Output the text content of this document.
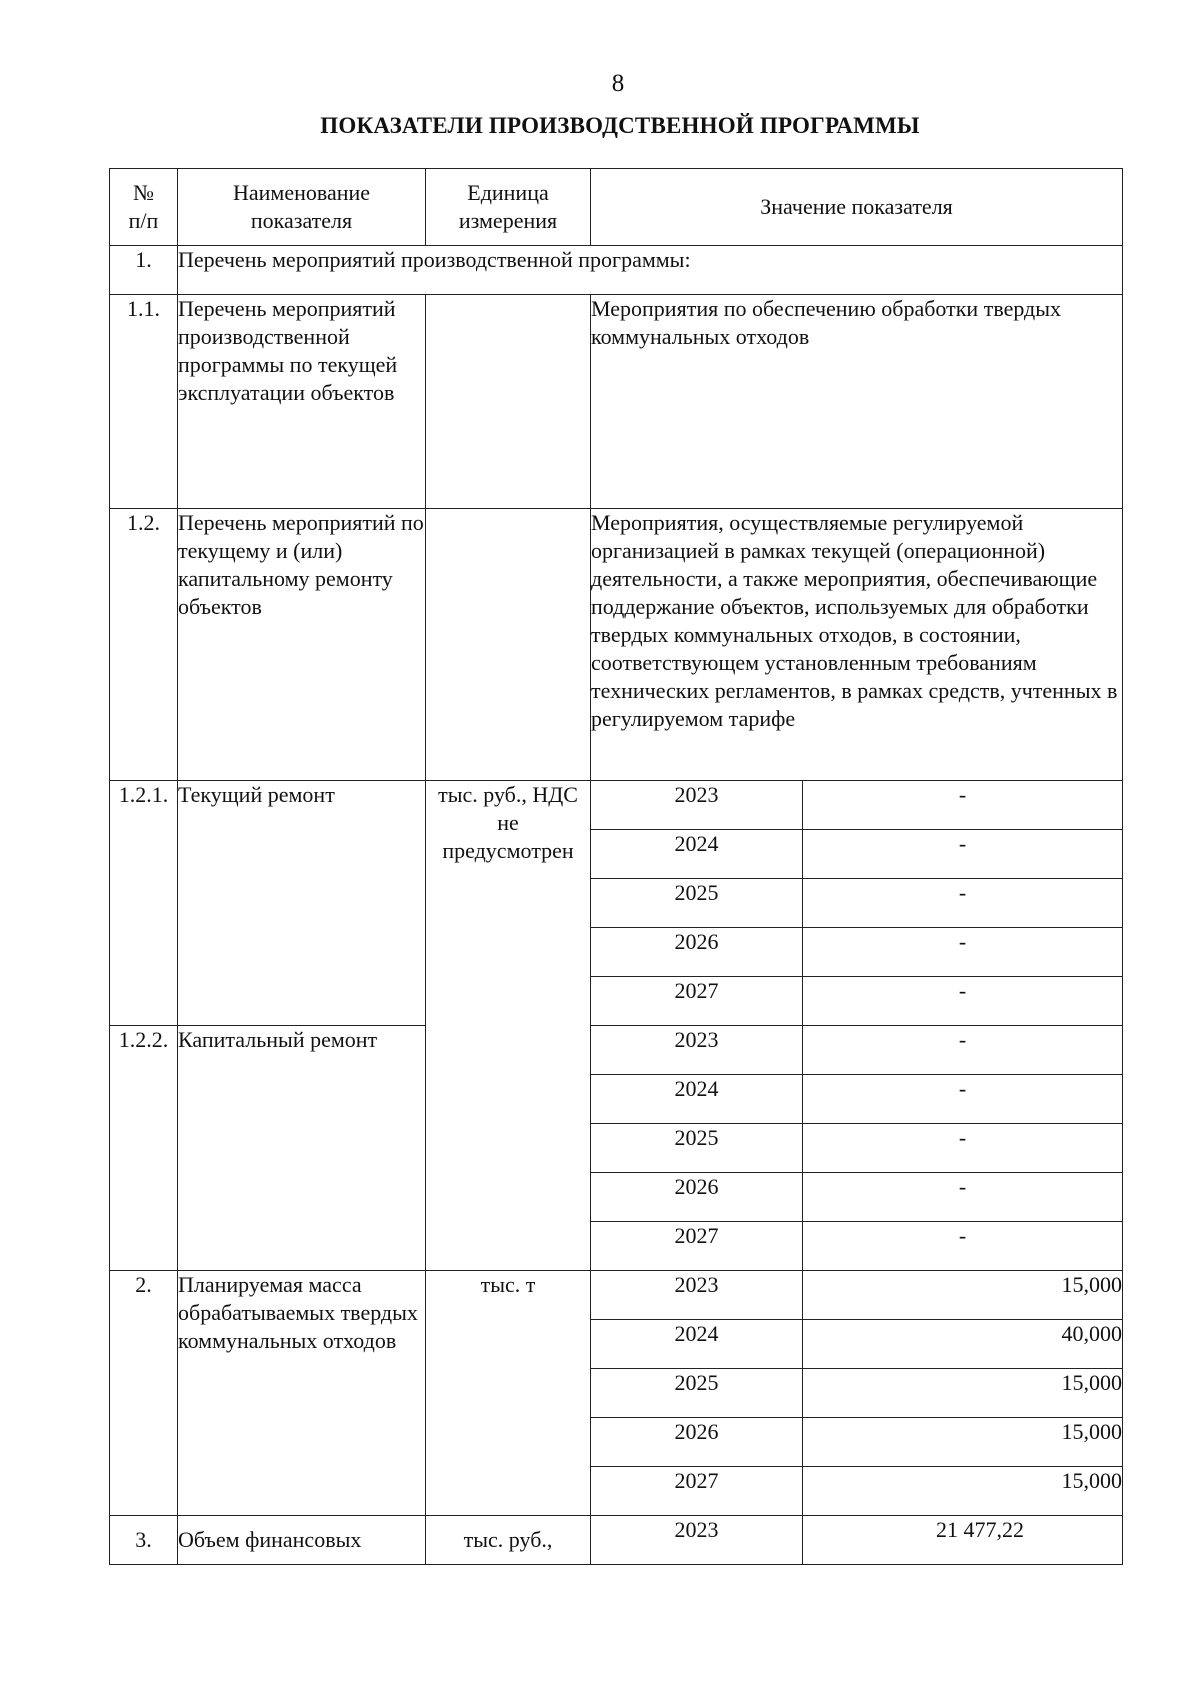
8
ПОКАЗАТЕЛИ ПРОИЗВОДСТВЕННОЙ ПРОГРАММЫ
№ п/п	Наименование показателя	Единица измерения	Значение показателя	
1.	Перечень мероприятий производственной программы:			
1.1.	Перечень мероприятий производственной программы по текущей эксплуатации объектов		Мероприятия по обеспечению обработки твердых коммунальных отходов	
1.2.	Перечень мероприятий по текущему и (или) капитальному ремонту объектов		Мероприятия, осуществляемые регулируемой организацией в рамках текущей (операционной) деятельности, а также мероприятия, обеспечивающие поддержание объектов, используемых для обработки твердых коммунальных отходов, в состоянии, соответствующем установленным требованиям технических регламентов, в рамках средств, учтенных в регулируемом тарифе	
1.2.1.	Текущий ремонт	тыс. руб., НДС не предусмотрен	2023	-
			2024	-
			2025	-
			2026	-
			2027	-
1.2.2.	Капитальный ремонт		2023	-
			2024	-
			2025	-
			2026	-
			2027	-
2.	Планируемая масса обрабатываемых твердых коммунальных отходов	тыс. т	2023	15,000
			2024	40,000
			2025	15,000
			2026	15,000
			2027	15,000
3.	Объем финансовых	тыс. руб.,	2023	21 477,22
